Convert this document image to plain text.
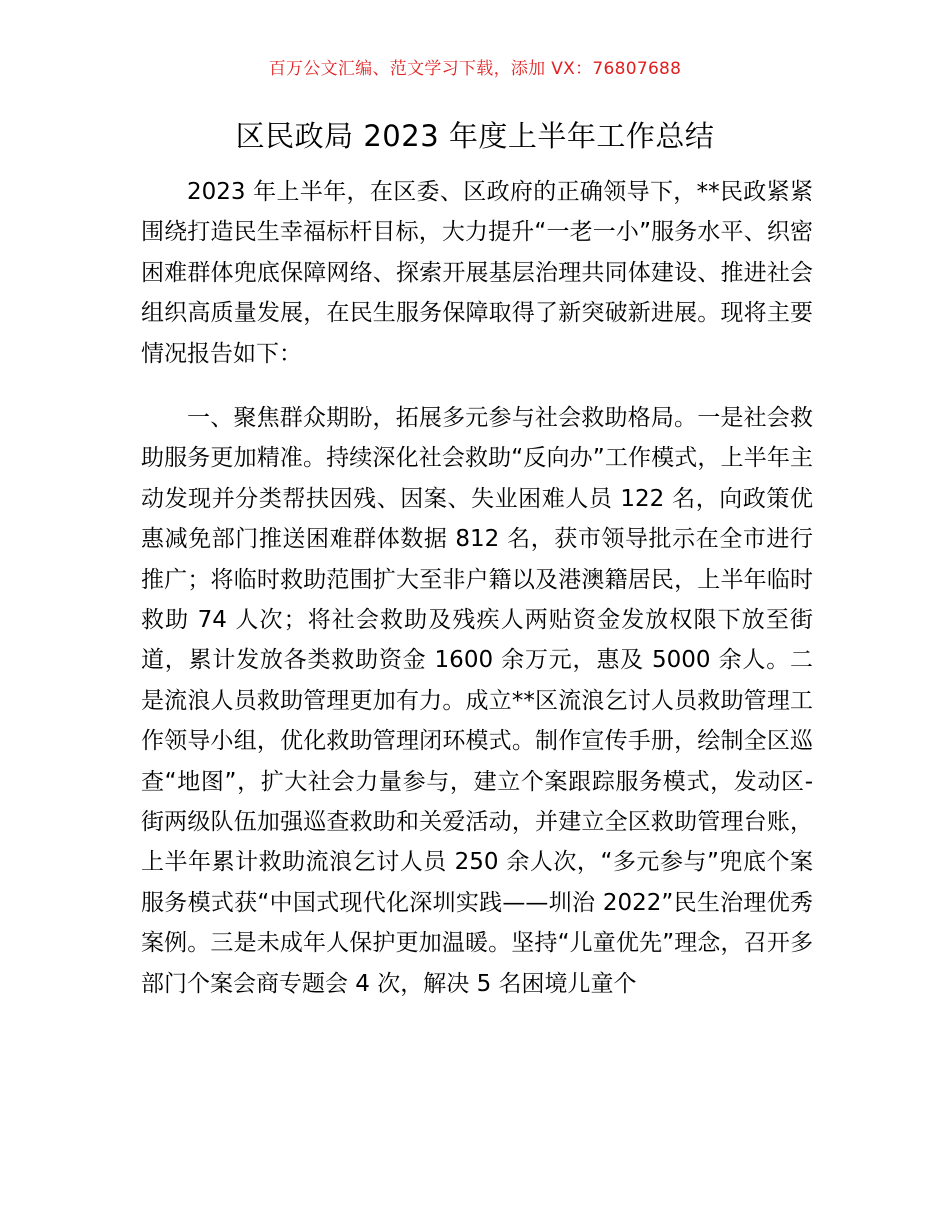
百万公文汇编、范文学习下载，添加 VX：76807688
区民政局 2023 年度上半年工作总结

2023 年上半年，在区委、区政府的正确领导下，**民政紧紧围绕打造民生幸福标杆目标，大力提升“一老一小”服务水平、织密困难群体兜底保障网络、探索开展基层治理共同体建设、推进社会组织高质量发展，在民生服务保障取得了新突破新进展。现将主要情况报告如下：

一、聚焦群众期盼，拓展多元参与社会救助格局。一是社会救助服务更加精准。持续深化社会救助“反向办”工作模式，上半年主动发现并分类帮扶因残、因案、失业困难人员 122 名，向政策优惠减免部门推送困难群体数据 812 名，获市领导批示在全市进行推广；将临时救助范围扩大至非户籍以及港澳籍居民，上半年临时救助 74 人次；将社会救助及残疾人两贴资金发放权限下放至街道，累计发放各类救助资金 1600 余万元，惠及 5000 余人。二是流浪人员救助管理更加有力。成立**区流浪乞讨人员救助管理工作领导小组，优化救助管理闭环模式。制作宣传手册，绘制全区巡查“地图”，扩大社会力量参与，建立个案跟踪服务模式，发动区-街两级队伍加强巡查救助和关爱活动，并建立全区救助管理台账，上半年累计救助流浪乞讨人员 250 余人次，“多元参与”兜底个案服务模式获“中国式现代化深圳实践——圳治 2022”民生治理优秀案例。三是未成年人保护更加温暖。坚持“儿童优先”理念，召开多部门个案会商专题会 4 次，解决 5 名困境儿童个
